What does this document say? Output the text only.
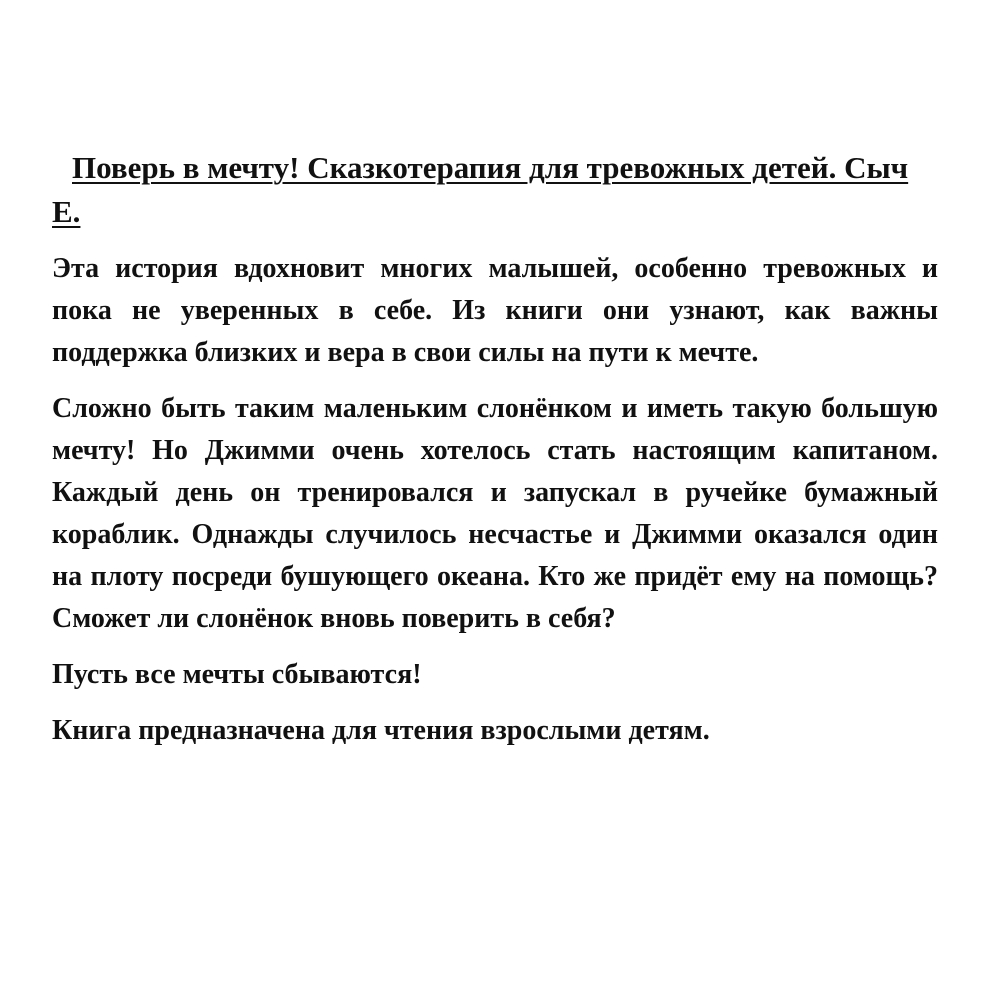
Поверь в мечту! Сказкотерапия для тревожных детей. Сыч Е.

Эта история вдохновит многих малышей, особенно тревожных и пока не уверенных в себе. Из книги они узнают, как важны поддержка близких и вера в свои силы на пути к мечте.

Сложно быть таким маленьким слонёнком и иметь такую большую мечту! Но Джимми очень хотелось стать настоящим капитаном. Каждый день он тренировался и запускал в ручейке бумажный кораблик. Однажды случилось несчастье и Джимми оказался один на плоту посреди бушующего океана. Кто же придёт ему на помощь? Сможет ли слонёнок вновь поверить в себя?

Пусть все мечты сбываются!

Книга предназначена для чтения взрослыми детям.
